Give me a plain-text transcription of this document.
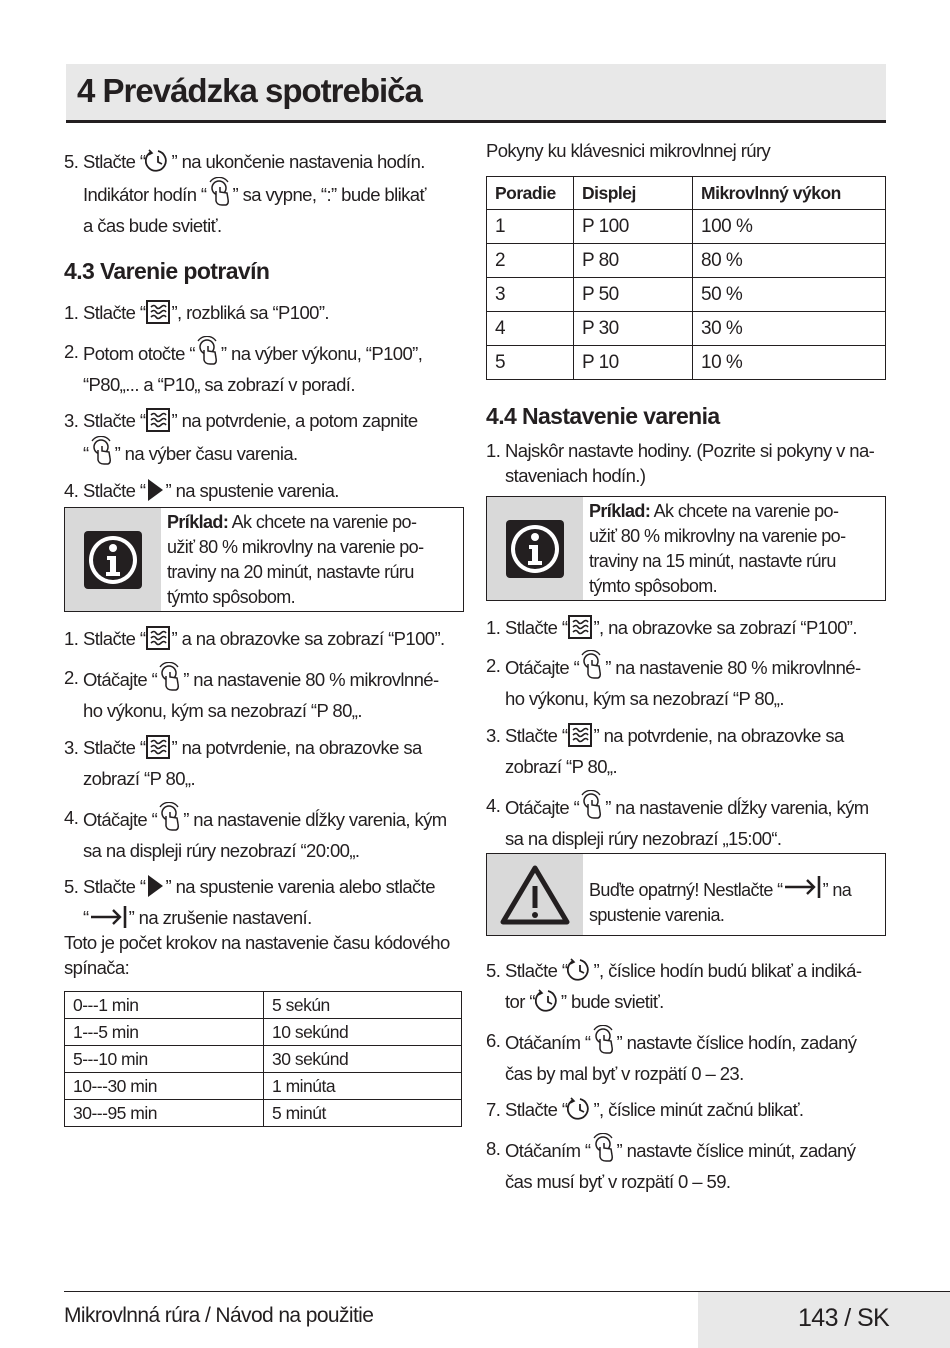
4 Prevádzka spotrebiča
5. Stlačte “ ” na ukončenie nastavenia hodín.
Indikátor hodín “ ” sa vypne, “:” bude blikať
a čas bude svietiť.
4.3 Varenie potravín
1. Stlačte “ ”, rozbliká sa “P100”.
2. Potom otočte “ ” na výber výkonu, “P100”,
“P80„... a “P10„ sa zobrazí v poradí.
3. Stlačte “ ” na potvrdenie, a potom zapnite
“ ” na výber času varenia.
4. Stlačte “ ” na spustenie varenia.
Príklad: Ak chcete na varenie po-
užiť 80 % mikrovlny na varenie po-
traviny na 20 minút, nastavte rúru
týmto spôsobom.
1. Stlačte “ ” a na obrazovke sa zobrazí “P100”.
2. Otáčajte “ ” na nastavenie 80 % mikrovlnné-
ho výkonu, kým sa nezobrazí “P 80„.
3. Stlačte “ ” na potvrdenie, na obrazovke sa
zobrazí “P 80„.
4. Otáčajte “ ” na nastavenie dĺžky varenia, kým
sa na displeji rúry nezobrazí “20:00„.
5. Stlačte “ ” na spustenie varenia alebo stlačte
“ ” na zrušenie nastavení.
Toto je počet krokov na nastavenie času kódového
spínača:
0---1 min	5 sekún
1---5 min	10 sekúnd
5---10 min	30 sekúnd
10---30 min	1 minúta
30---95 min	5 minút
Pokyny ku klávesnici mikrovlnnej rúry
Poradie	Displej	Mikrovlnný výkon
1	P 100	100 %
2	P 80	80 %
3	P 50	50 %
4	P 30	30 %
5	P 10	10 %
4.4 Nastavenie varenia
1. Najskôr nastavte hodiny. (Pozrite si pokyny v na-
staveniach hodín.)
Príklad: Ak chcete na varenie po-
užiť 80 % mikrovlny na varenie po-
traviny na 15 minút, nastavte rúru
týmto spôsobom.
1. Stlačte “ ”, na obrazovke sa zobrazí “P100”.
2. Otáčajte “ ” na nastavenie 80 % mikrovlnné-
ho výkonu, kým sa nezobrazí “P 80„.
3. Stlačte “ ” na potvrdenie, na obrazovke sa
zobrazí “P 80„.
4. Otáčajte “ ” na nastavenie dĺžky varenia, kým
sa na displeji rúry nezobrazí „15:00“.
Buďte opatrný! Nestlačte “ ” na
spustenie varenia.
5. Stlačte “ ”, číslice hodín budú blikať a indiká-
tor “ ” bude svietiť.
6. Otáčaním “ ” nastavte číslice hodín, zadaný
čas by mal byť v rozpätí 0 – 23.
7. Stlačte “ ”, číslice minút začnú blikať.
8. Otáčaním “ ” nastavte číslice minút, zadaný
čas musí byť v rozpätí 0 – 59.
Mikrovlnná rúra / Návod na použitie	143 / SK
